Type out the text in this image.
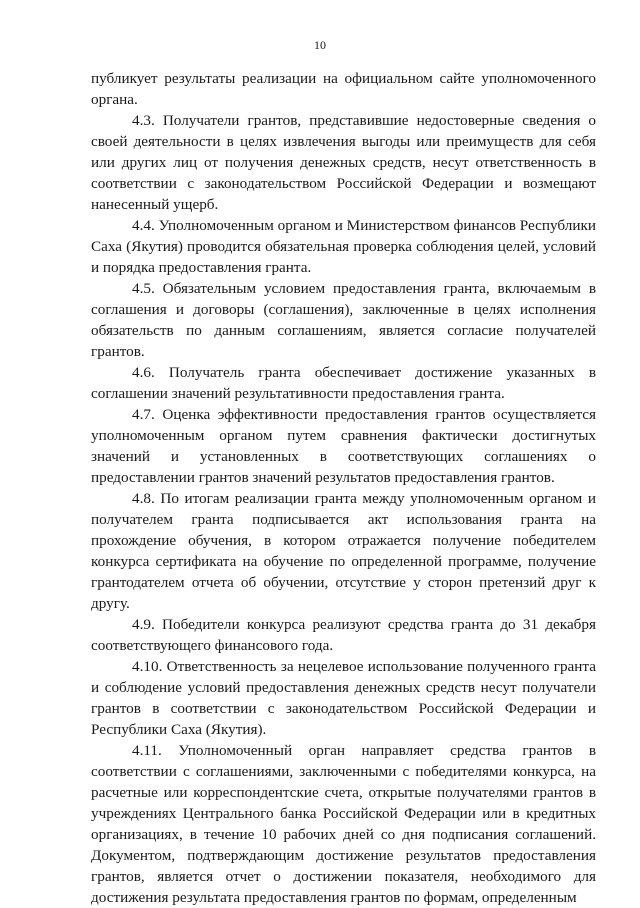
10

публикует результаты реализации на официальном сайте уполномоченного органа.

4.3. Получатели грантов, представившие недостоверные сведения о своей деятельности в целях извлечения выгоды или преимуществ для себя или других лиц от получения денежных средств, несут ответственность в соответствии с законодательством Российской Федерации и возмещают нанесенный ущерб.

4.4. Уполномоченным органом и Министерством финансов Республики Саха (Якутия) проводится обязательная проверка соблюдения целей, условий и порядка предоставления гранта.

4.5. Обязательным условием предоставления гранта, включаемым в соглашения и договоры (соглашения), заключенные в целях исполнения обязательств по данным соглашениям, является согласие получателей грантов.

4.6. Получатель гранта обеспечивает достижение указанных в соглашении значений результативности предоставления гранта.

4.7. Оценка эффективности предоставления грантов осуществляется уполномоченным органом путем сравнения фактически достигнутых значений и установленных в соответствующих соглашениях о предоставлении грантов значений результатов предоставления грантов.

4.8. По итогам реализации гранта между уполномоченным органом и получателем гранта подписывается акт использования гранта на прохождение обучения, в котором отражается получение победителем конкурса сертификата на обучение по определенной программе, получение грантодателем отчета об обучении, отсутствие у сторон претензий друг к другу.

4.9. Победители конкурса реализуют средства гранта до 31 декабря соответствующего финансового года.

4.10. Ответственность за нецелевое использование полученного гранта и соблюдение условий предоставления денежных средств несут получатели грантов в соответствии с законодательством Российской Федерации и Республики Саха (Якутия).

4.11. Уполномоченный орган направляет средства грантов в соответствии с соглашениями, заключенными с победителями конкурса, на расчетные или корреспондентские счета, открытые получателями грантов в учреждениях Центрального банка Российской Федерации или в кредитных организациях, в течение 10 рабочих дней со дня подписания соглашений. Документом, подтверждающим достижение результатов предоставления грантов, является отчет о достижении показателя, необходимого для достижения результата предоставления грантов по формам, определенным
